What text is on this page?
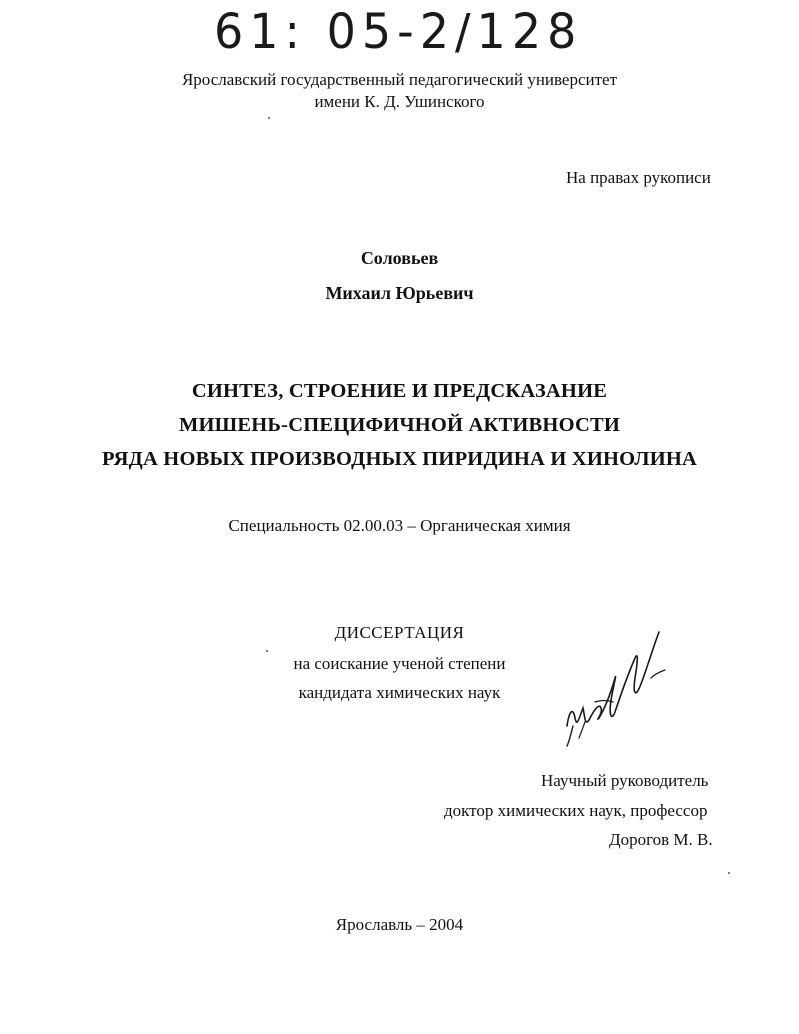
61: 05-2/128
Ярославский государственный педагогический университет
имени К. Д. Ушинского
На правах рукописи
Соловьев
Михаил Юрьевич
СИНТЕЗ, СТРОЕНИЕ И ПРЕДСКАЗАНИЕ
МИШЕНЬ-СПЕЦИФИЧНОЙ АКТИВНОСТИ
РЯДА НОВЫХ ПРОИЗВОДНЫХ ПИРИДИНА И ХИНОЛИНА
Специальность 02.00.03 – Органическая химия
ДИССЕРТАЦИЯ
на соискание ученой степени
кандидата химических наук
Научный руководитель
доктор химических наук, профессор
Дорогов М. В.
Ярославль – 2004
